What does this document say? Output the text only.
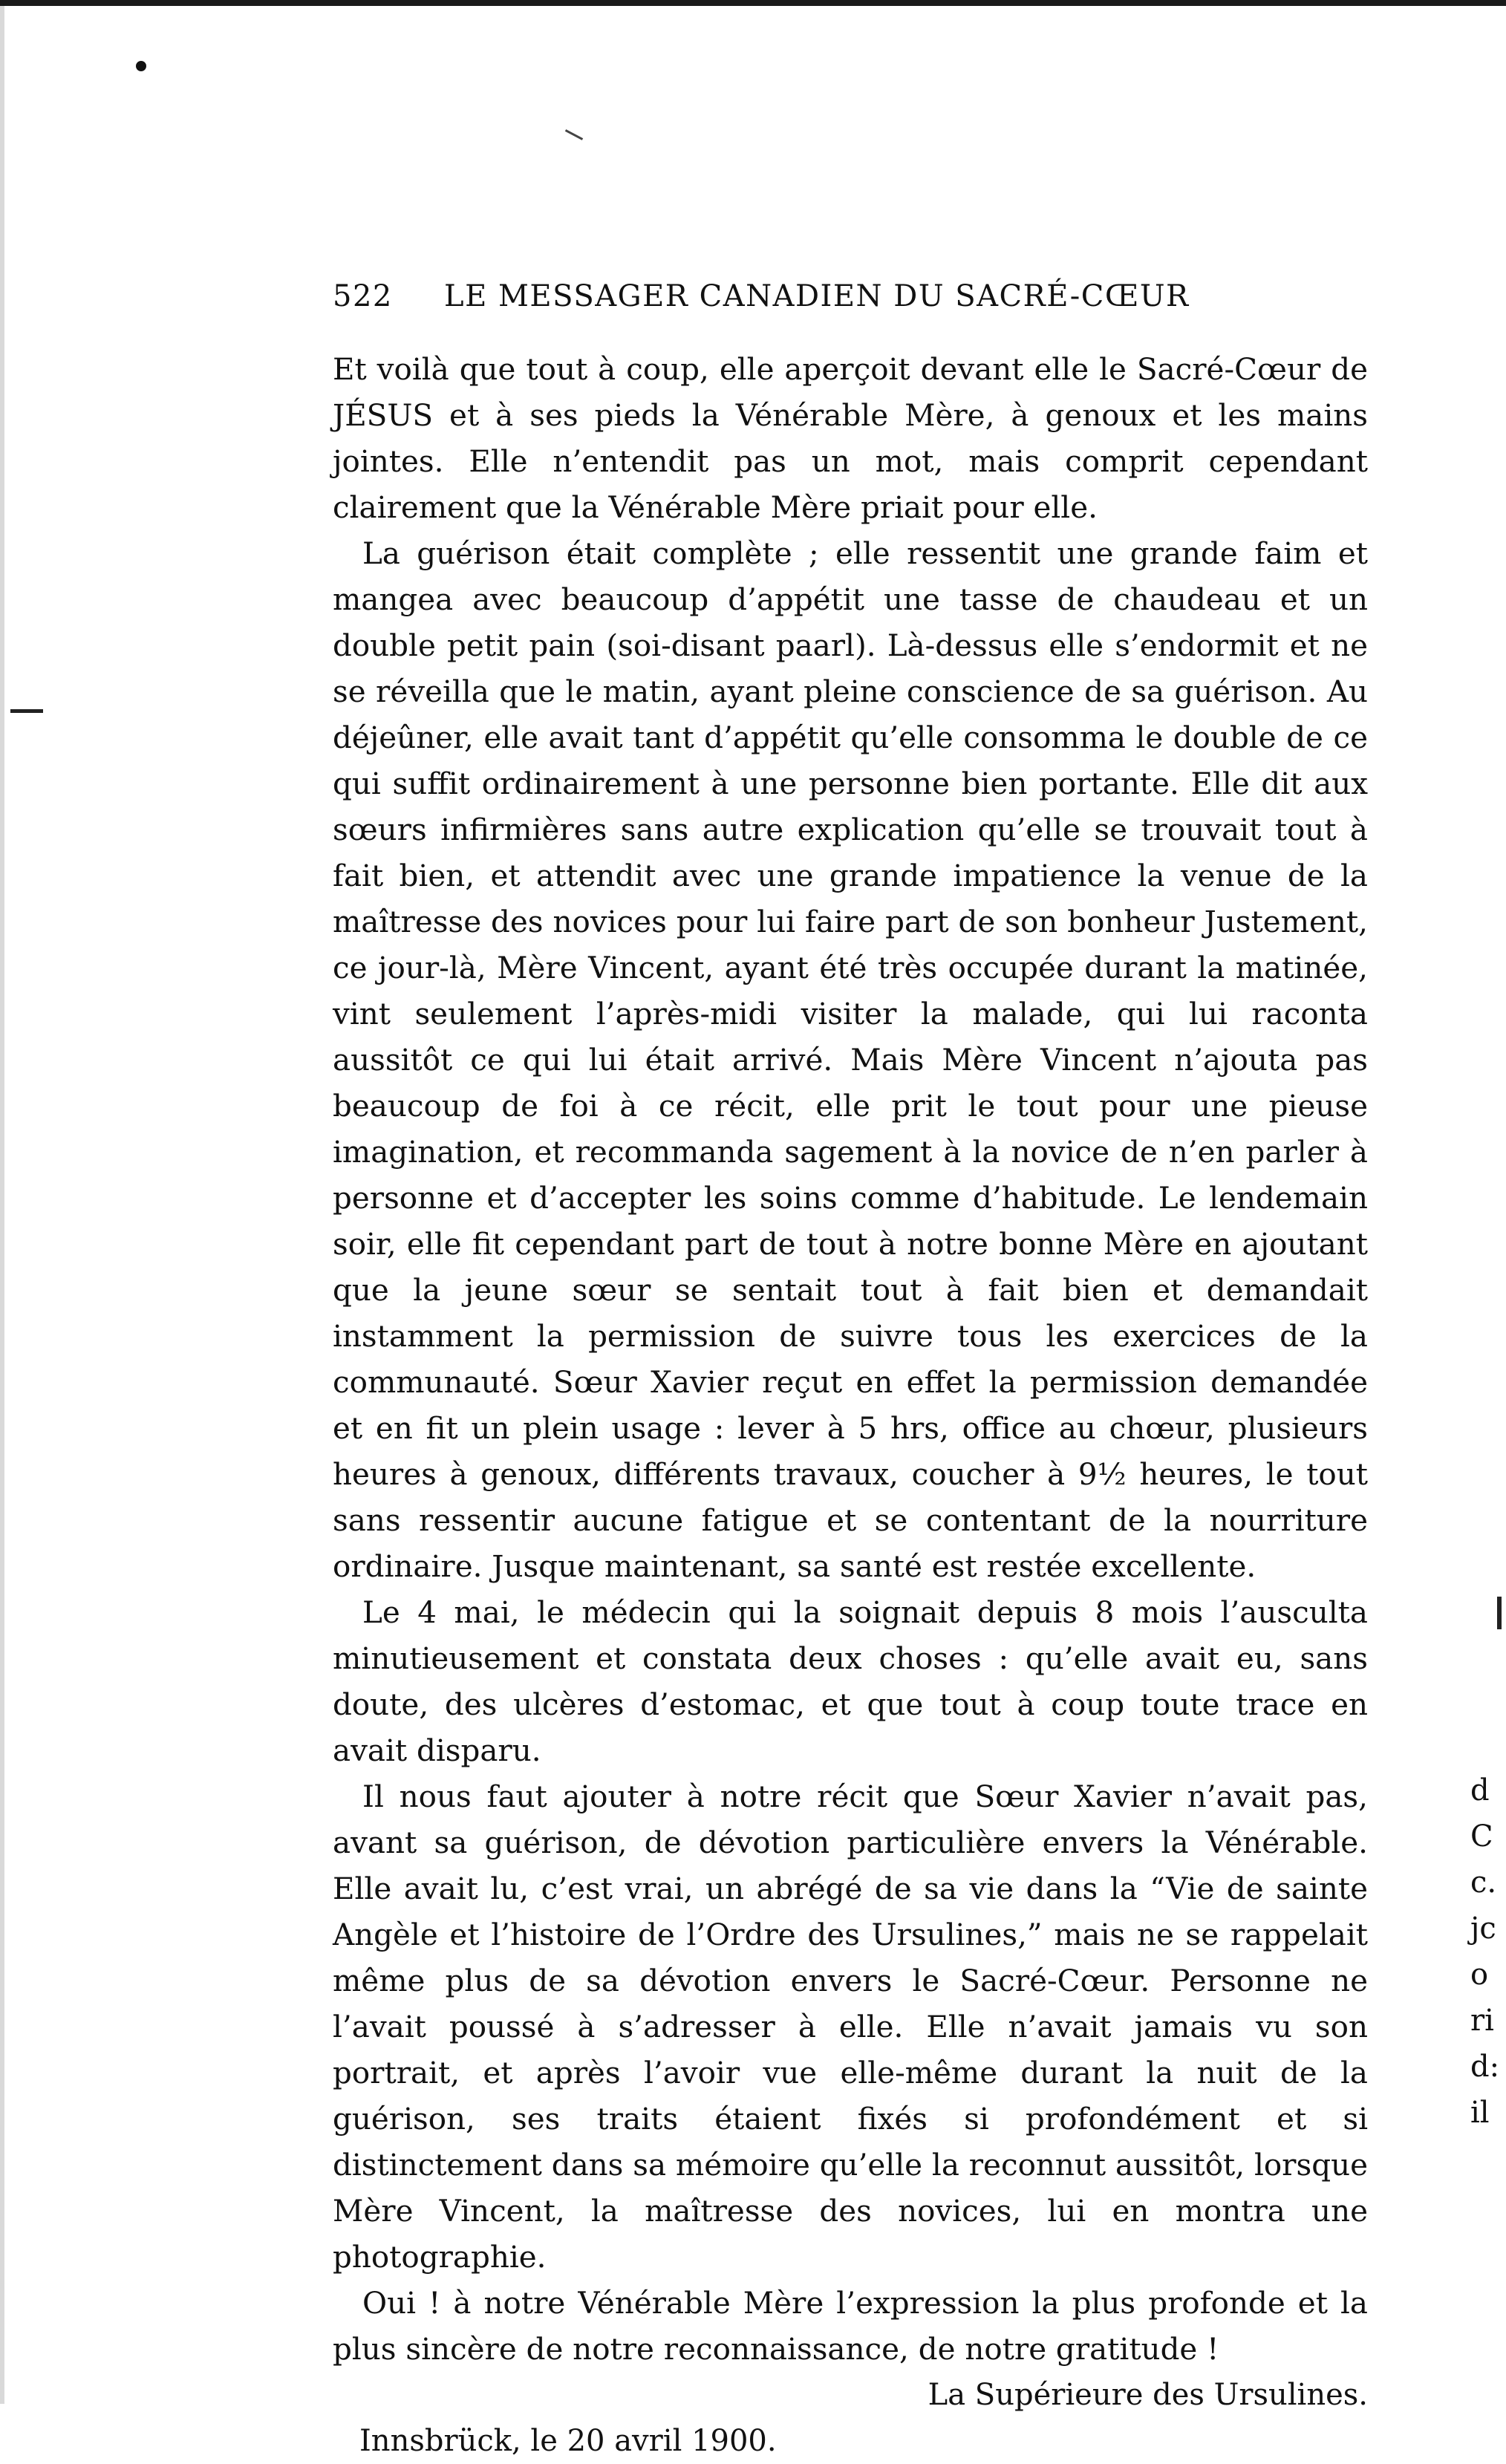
522	LE MESSAGER CANADIEN DU SACRÉ-CŒUR

Et voilà que tout à coup, elle aperçoit devant elle le Sacré-Cœur de JÉSUS et à ses pieds la Vénérable Mère, à genoux et les mains jointes. Elle n’entendit pas un mot, mais comprit cependant clairement que la Vénérable Mère priait pour elle.

La guérison était complète ; elle ressentit une grande faim et mangea avec beaucoup d’appétit une tasse de chaudeau et un double petit pain (soi-disant paarl). Là-dessus elle s’endormit et ne se réveilla que le matin, ayant pleine conscience de sa guérison. Au déjeûner, elle avait tant d’appétit qu’elle consomma le double de ce qui suffit ordinairement à une personne bien portante. Elle dit aux sœurs infirmières sans autre explication qu’elle se trouvait tout à fait bien, et attendit avec une grande impatience la venue de la maîtresse des novices pour lui faire part de son bonheur Justement, ce jour-là, Mère Vincent, ayant été très occupée durant la matinée, vint seulement l’après-midi visiter la malade, qui lui raconta aussitôt ce qui lui était arrivé. Mais Mère Vincent n’ajouta pas beaucoup de foi à ce récit, elle prit le tout pour une pieuse imagination, et recommanda sagement à la novice de n’en parler à personne et d’accepter les soins comme d’habitude. Le lendemain soir, elle fit cependant part de tout à notre bonne Mère en ajoutant que la jeune sœur se sentait tout à fait bien et demandait instamment la permission de suivre tous les exercices de la communauté. Sœur Xavier reçut en effet la permission demandée et en fit un plein usage : lever à 5 hrs, office au chœur, plusieurs heures à genoux, différents travaux, coucher à 9½ heures, le tout sans ressentir aucune fatigue et se contentant de la nourriture ordinaire. Jusque maintenant, sa santé est restée excellente.

Le 4 mai, le médecin qui la soignait depuis 8 mois l’ausculta minutieusement et constata deux choses : qu’elle avait eu, sans doute, des ulcères d’estomac, et que tout à coup toute trace en avait disparu.

Il nous faut ajouter à notre récit que Sœur Xavier n’avait pas, avant sa guérison, de dévotion particulière envers la Vénérable. Elle avait lu, c’est vrai, un abrégé de sa vie dans la “Vie de sainte Angèle et l’histoire de l’Ordre des Ursulines,” mais ne se rappelait même plus de sa dévotion envers le Sacré-Cœur. Personne ne l’avait poussé à s’adresser à elle. Elle n’avait jamais vu son portrait, et après l’avoir vue elle-même durant la nuit de la guérison, ses traits étaient fixés si profondément et si distinctement dans sa mémoire qu’elle la reconnut aussitôt, lorsque Mère Vincent, la maîtresse des novices, lui en montra une photographie.

Oui ! à notre Vénérable Mère l’expression la plus profonde et la plus sincère de notre reconnaissance, de notre gratitude !

La Supérieure des Ursulines.
Innsbrück, le 20 avril 1900.
d
C
c.
jc
o
ri
d:
il
